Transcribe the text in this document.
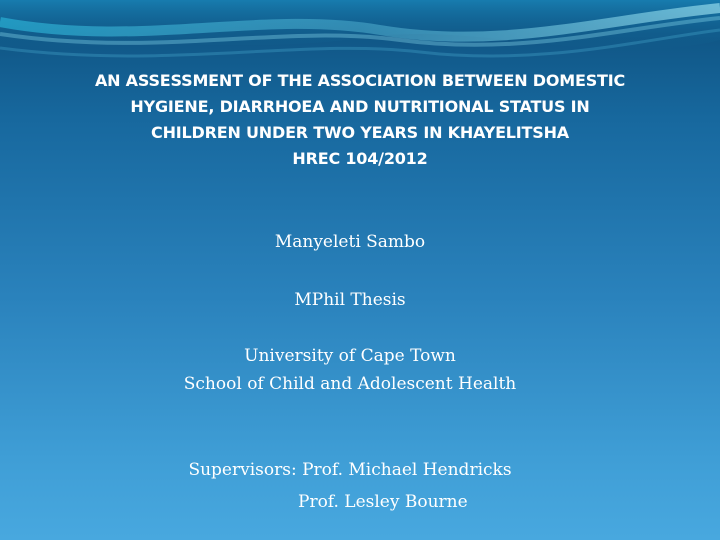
AN ASSESSMENT OF THE ASSOCIATION BETWEEN DOMESTIC
HYGIENE, DIARRHOEA AND NUTRITIONAL STATUS IN
CHILDREN UNDER TWO YEARS IN KHAYELITSHA
HREC 104/2012
Manyeleti Sambo
MPhil Thesis
University of Cape Town
School of Child and Adolescent Health
Supervisors: Prof. Michael Hendricks
Prof. Lesley Bourne
